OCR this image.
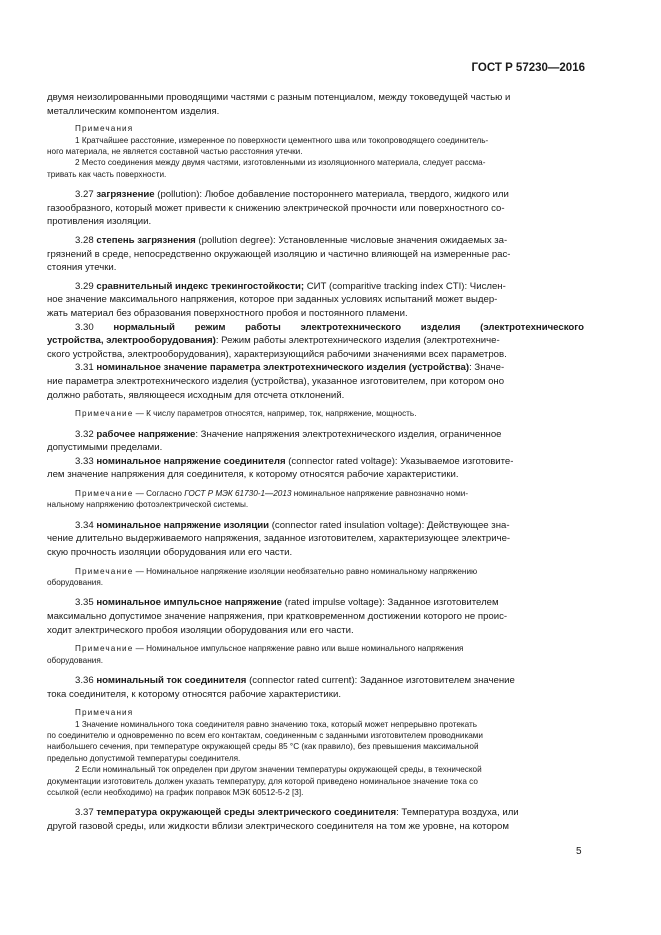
ГОСТ Р 57230—2016

двумя неизолированными проводящими частями с разным потенциалом, между токоведущей частью и
металлическим компонентом изделия.

Примечания

1 Кратчайшее расстояние, измеренное по поверхности цементного шва или токопроводящего соединитель-
ного материала, не является составной частью расстояния утечки.

2 Место соединения между двумя частями, изготовленными из изоляционного материала, следует рассма-
тривать как часть поверхности.

3.27 загрязнение (pollution): Любое добавление постороннего материала, твердого, жидкого или
газообразного, который может привести к снижению электрической прочности или поверхностного со-
противления изоляции.

3.28 степень загрязнения (pollution degree): Установленные числовые значения ожидаемых за-
грязнений в среде, непосредственно окружающей изоляцию и частично влияющей на измеренные рас-
стояния утечки.

3.29 сравнительный индекс трекингостойкости; СИТ (comparitive tracking index CTI): Числен-
ное значение максимального напряжения, которое при заданных условиях испытаний может выдер-
жать материал без образования поверхностного пробоя и постоянного пламени.

3.30 нормальный режим работы электротехнического изделия (электротехнического

устройства, электрооборудования): Режим работы электротехнического изделия (электротехниче-
ского устройства, электрооборудования), характеризующийся рабочими значениями всех параметров.

3.31 номинальное значение параметра электротехнического изделия (устройства): Значе-
ние параметра электротехнического изделия (устройства), указанное изготовителем, при котором оно
должно работать, являющееся исходным для отсчета отклонений.

Примечание — К числу параметров относятся, например, ток, напряжение, мощность.

3.32 рабочее напряжение: Значение напряжения электротехнического изделия, ограниченное
допустимыми пределами.

3.33 номинальное напряжение соединителя (connector rated voltage): Указываемое изготовите-
лем значение напряжения для соединителя, к которому относятся рабочие характеристики.

Примечание — Согласно ГОСТ Р МЭК 61730-1—2013 номинальное напряжение равнозначно номи-
нальному напряжению фотоэлектрической системы.

3.34 номинальное напряжение изоляции (connector rated insulation voltage): Действующее зна-
чение длительно выдерживаемого напряжения, заданное изготовителем, характеризующее электриче-
скую прочность изоляции оборудования или его части.

Примечание — Номинальное напряжение изоляции необязательно равно номинальному напряжению
оборудования.

3.35 номинальное импульсное напряжение (rated impulse voltage): Заданное изготовителем
максимально допустимое значение напряжения, при кратковременном достижении которого не проис-
ходит электрического пробоя изоляции оборудования или его части.

Примечание — Номинальное импульсное напряжение равно или выше номинального напряжения
оборудования.

3.36 номинальный ток соединителя (connector rated current): Заданное изготовителем значение
тока соединителя, к которому относятся рабочие характеристики.

Примечания

1 Значение номинального тока соединителя равно значению тока, который может непрерывно протекать
по соединителю и одновременно по всем его контактам, соединенным с заданными изготовителем проводниками
наибольшего сечения, при температуре окружающей среды 85 °С (как правило), без превышения максимальной
предельно допустимой температуры соединителя.

2 Если номинальный ток определен при другом значении температуры окружающей среды, в технической
документации изготовитель должен указать температуру, для которой приведено номинальное значение тока со
ссылкой (если необходимо) на график поправок МЭК 60512-5-2 [3].

3.37 температура окружающей среды электрического соединителя: Температура воздуха, или
другой газовой среды, или жидкости вблизи электрического соединителя на том же уровне, на котором

5
